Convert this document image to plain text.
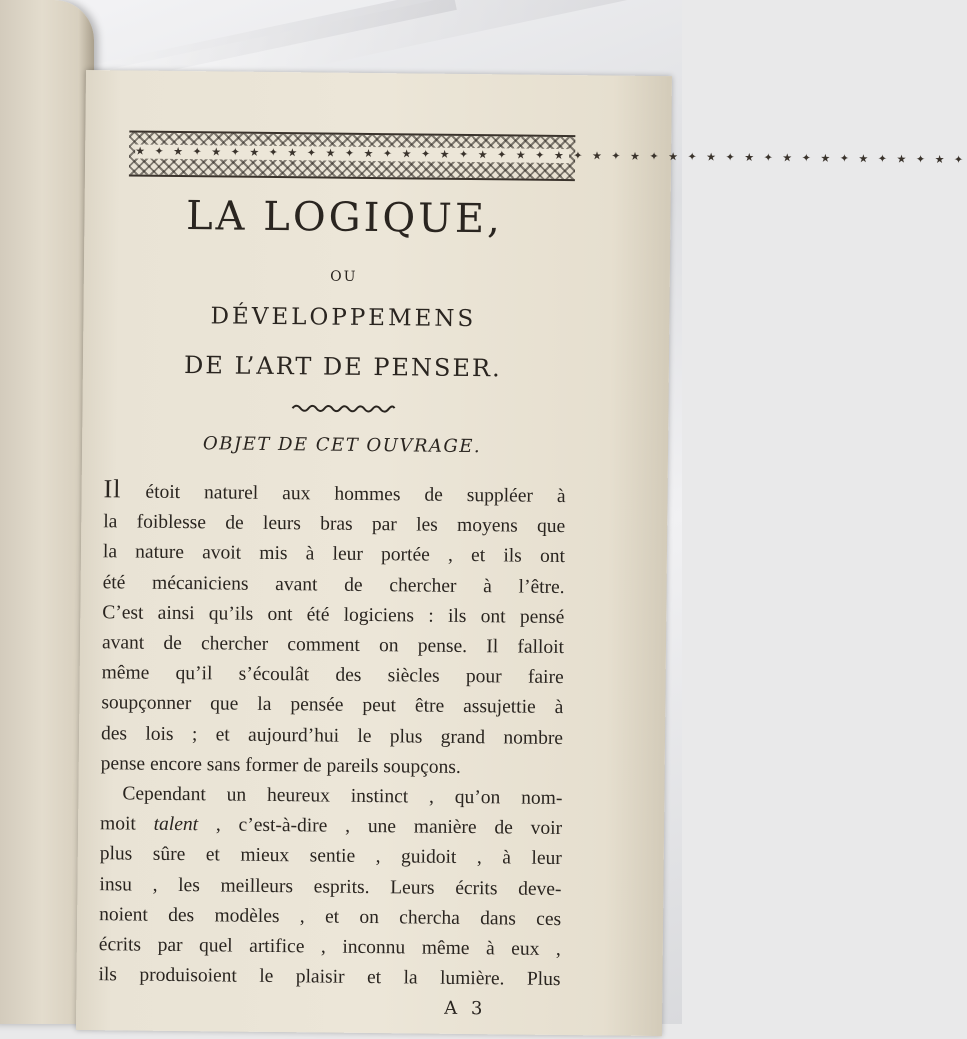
★ ✦ ★ ✦ ★ ✦ ★ ✦ ★ ✦ ★ ✦ ★ ✦ ★ ✦ ★ ✦ ★ ✦ ★ ✦ ★ ✦ ★ ✦ ★ ✦ ★ ✦ ★ ✦ ★ ✦ ★ ✦ ★ ✦ ★ ✦ ★ ✦ ★ ✦
LA LOGIQUE,
OU
DÉVELOPPEMENS
DE L’ART DE PENSER.
OBJET DE CET OUVRAGE.
Il étoit naturel aux hommes de suppléer à
la foiblesse de leurs bras par les moyens que
la nature avoit mis à leur portée , et ils ont
été mécaniciens avant de chercher à l’être.
C’est ainsi qu’ils ont été logiciens : ils ont pensé
avant de chercher comment on pense. Il falloit
même qu’il s’écoulât des siècles pour faire
soupçonner que la pensée peut être assujettie à
des lois ; et aujourd’hui le plus grand nombre
pense encore sans former de pareils soupçons.
Cependant un heureux instinct , qu’on nom-
moit talent , c’est-à-dire , une manière de voir
plus sûre et mieux sentie , guidoit , à leur
insu , les meilleurs esprits. Leurs écrits deve-
noient des modèles , et on chercha dans ces
écrits par quel artifice , inconnu même à eux ,
ils produisoient le plaisir et la lumière. Plus
A 3
